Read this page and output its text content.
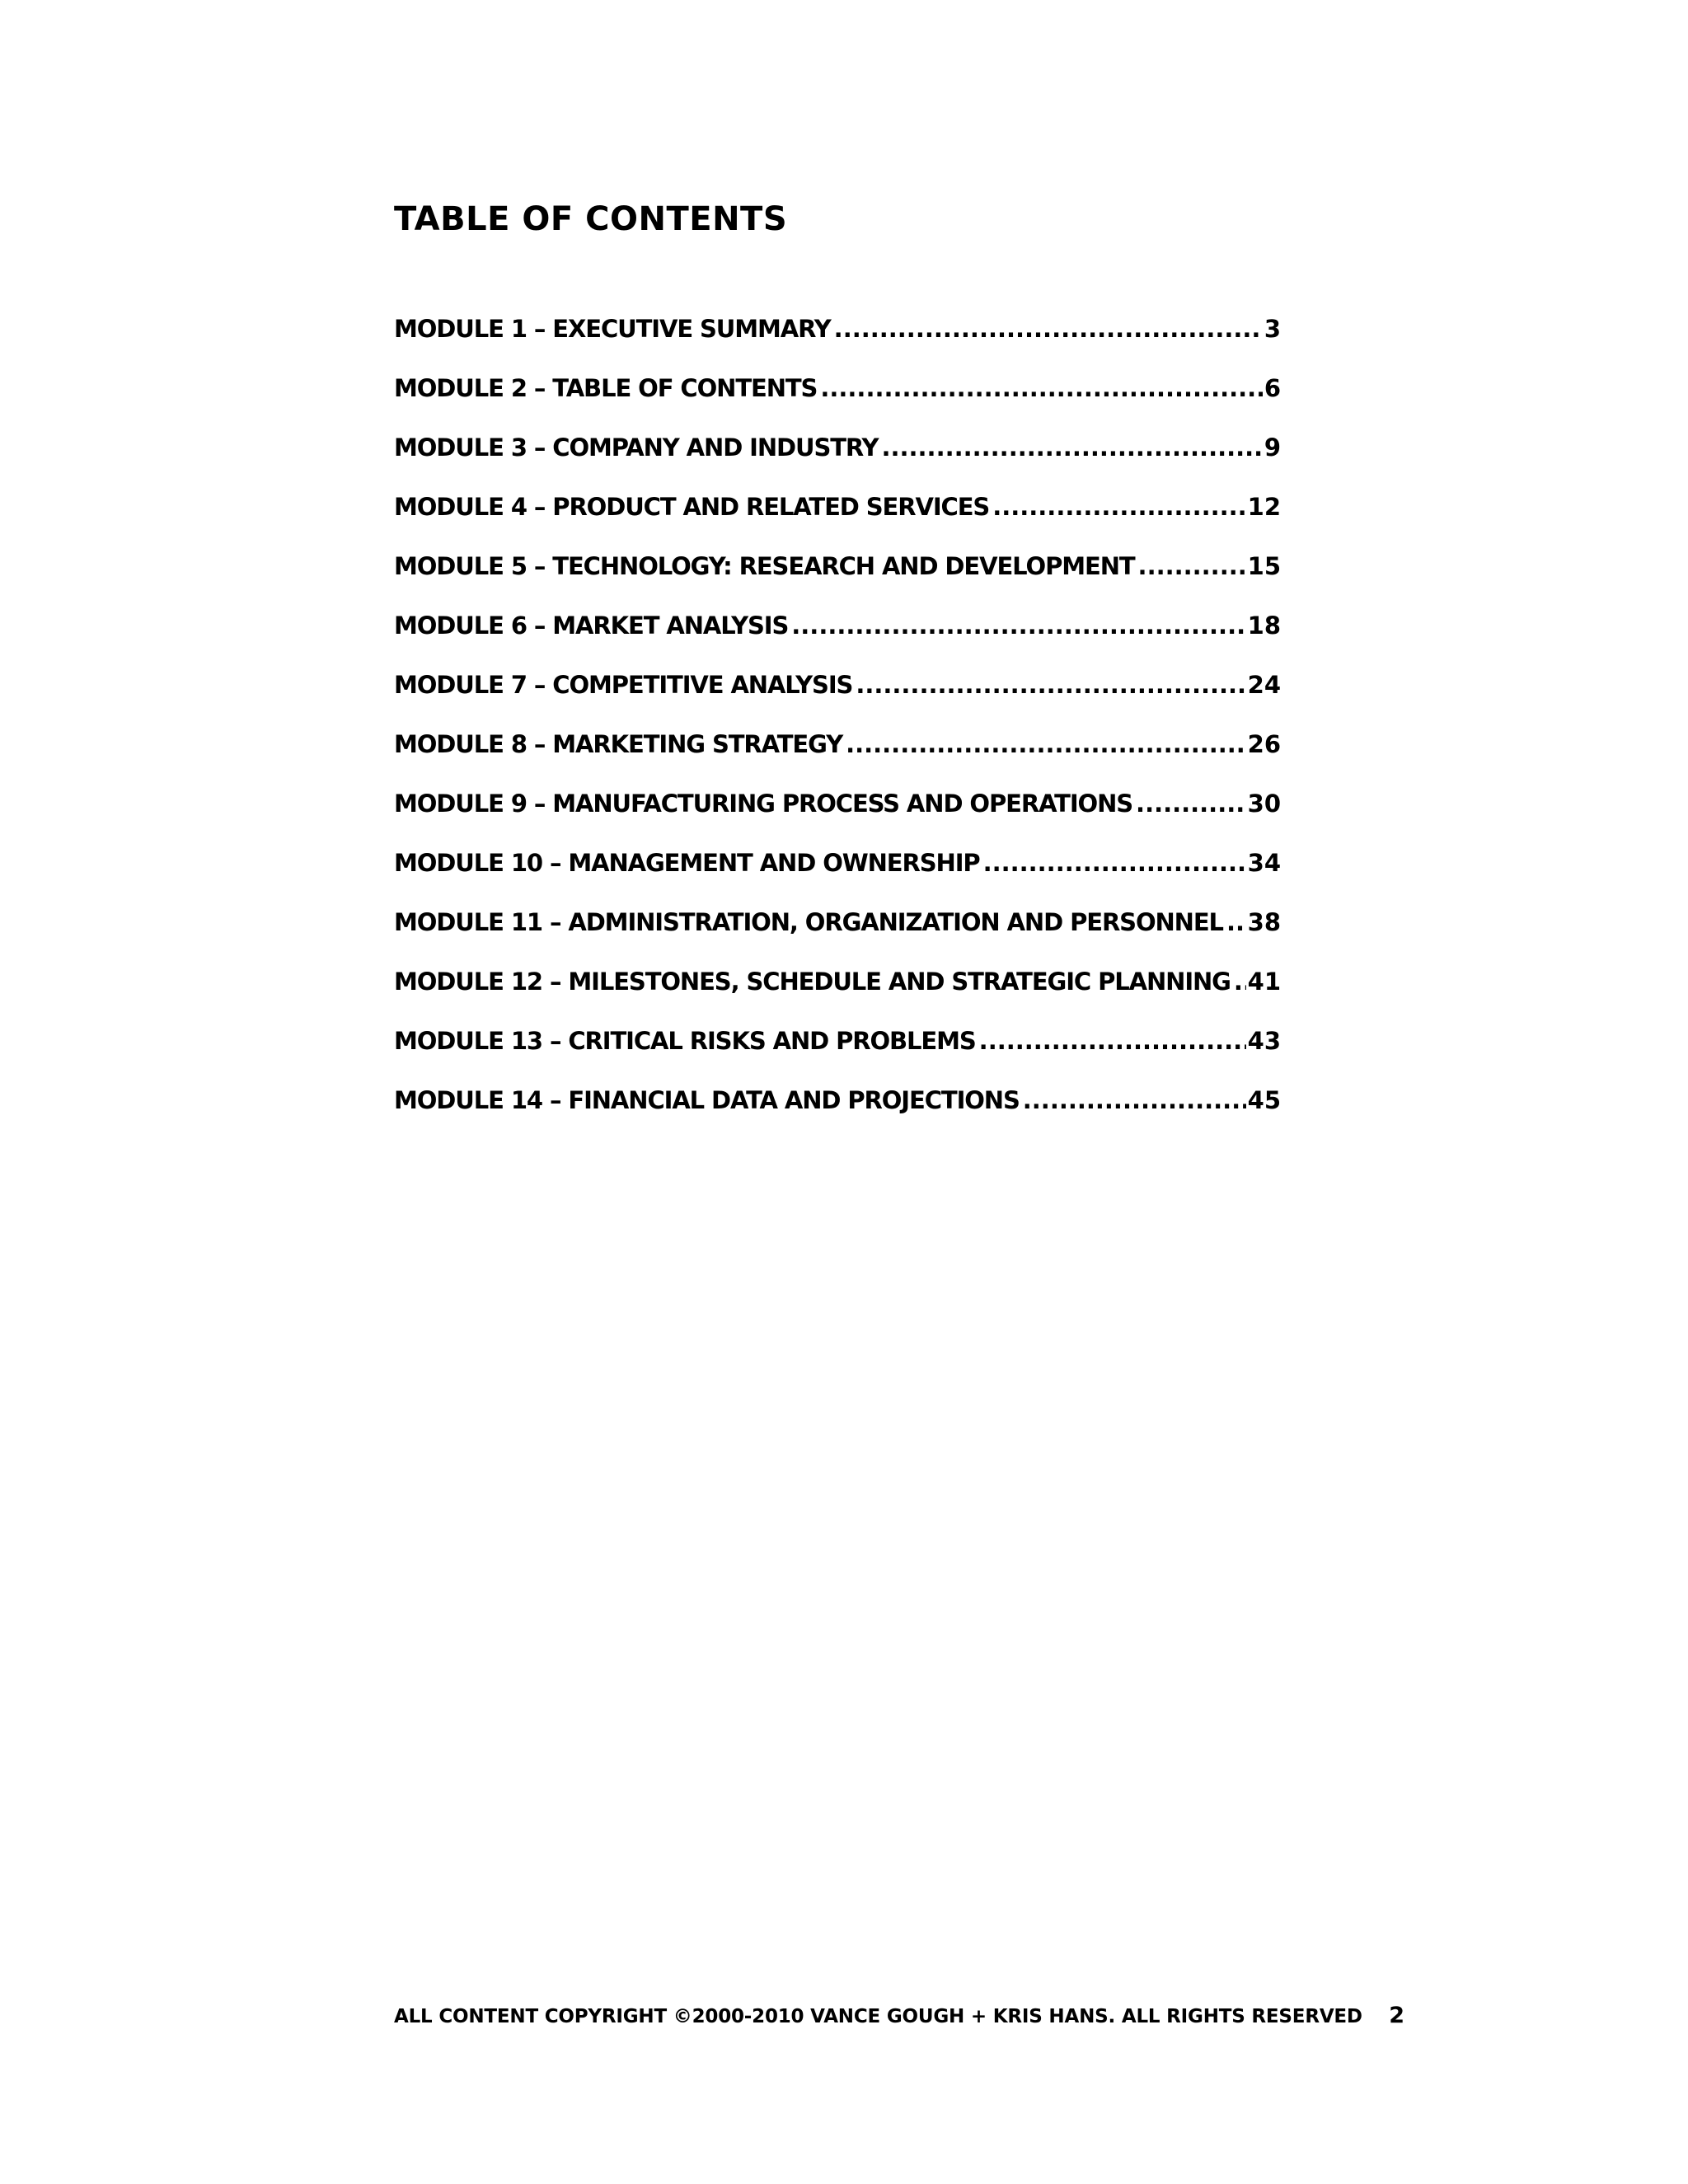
TABLE OF CONTENTS
MODULE 1 – EXECUTIVE SUMMARY .....	3
MODULE 2 – TABLE OF CONTENTS .....	6
MODULE 3 – COMPANY AND INDUSTRY .....	9
MODULE 4 – PRODUCT AND RELATED SERVICES .....	12
MODULE 5 – TECHNOLOGY: RESEARCH AND DEVELOPMENT .....	15
MODULE 6 – MARKET ANALYSIS .....	18
MODULE 7 – COMPETITIVE ANALYSIS .....	24
MODULE 8 – MARKETING STRATEGY .....	26
MODULE 9 – MANUFACTURING PROCESS AND OPERATIONS .....	30
MODULE 10 – MANAGEMENT AND OWNERSHIP .....	34
MODULE 11 – ADMINISTRATION, ORGANIZATION AND PERSONNEL ..... 38
MODULE 12 – MILESTONES, SCHEDULE AND STRATEGIC PLANNING ..... 41
MODULE 13 – CRITICAL RISKS AND PROBLEMS .....	43
MODULE 14 – FINANCIAL DATA AND PROJECTIONS .....	45
ALL CONTENT COPYRIGHT ©2000-2010 VANCE GOUGH + KRIS HANS. ALL RIGHTS RESERVED 2
